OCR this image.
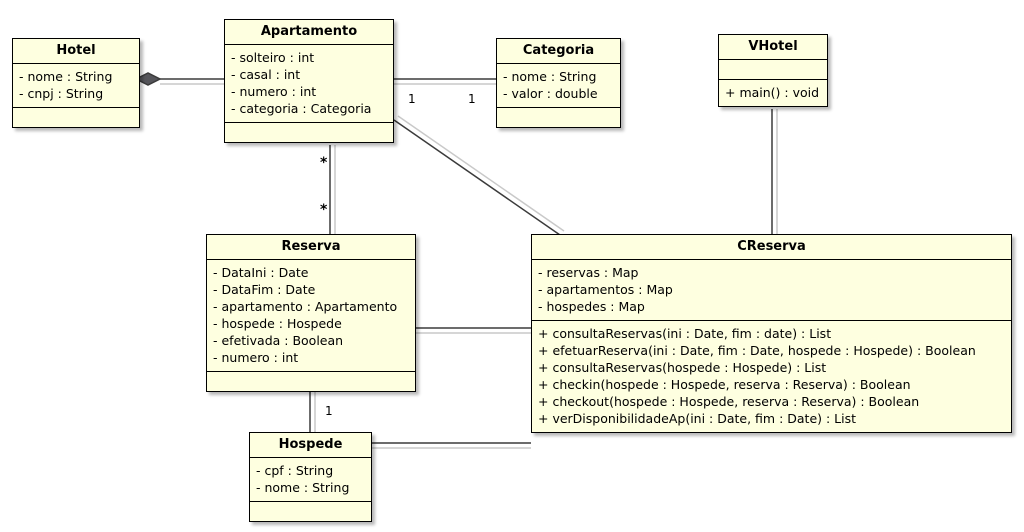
Hotel
- nome : String
- cnpj : String
Apartamento
- solteiro : int
- casal : int
- numero : int
- categoria : Categoria
Categoria
- nome : String
- valor : double
VHotel
+ main() : void
Reserva
- DataIni : Date
- DataFim : Date
- apartamento : Apartamento
- hospede : Hospede
- efetivada : Boolean
- numero : int
CReserva
- reservas : Map
- apartamentos : Map
- hospedes : Map
+ consultaReservas(ini : Date, fim : date) : List
+ efetuarReserva(ini : Date, fim : Date, hospede : Hospede) : Boolean
+ consultaReservas(hospede : Hospede) : List
+ checkin(hospede : Hospede, reserva : Reserva) : Boolean
+ checkout(hospede : Hospede, reserva : Reserva) : Boolean
+ verDisponibilidadeAp(ini : Date, fim : Date) : List
Hospede
- cpf : String
- nome : String
1	1
*
*
1
